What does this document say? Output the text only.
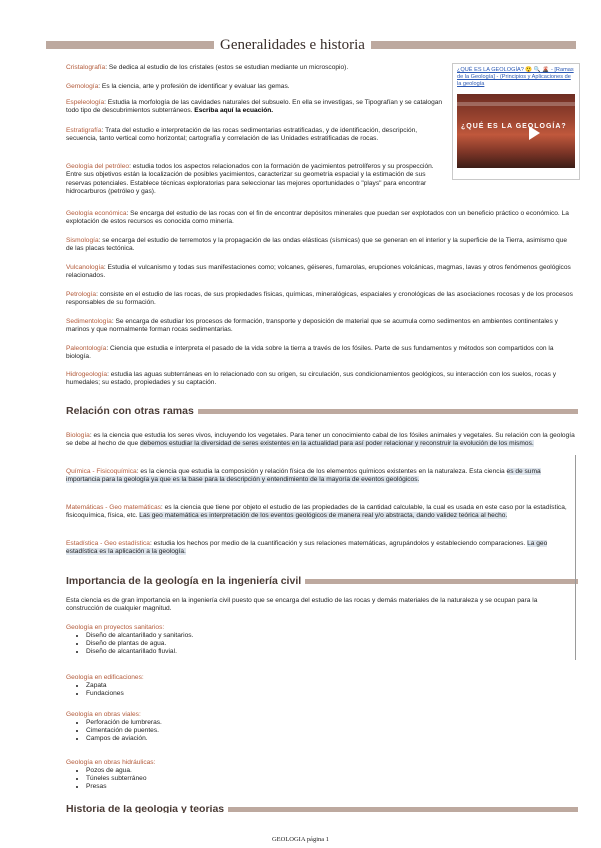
Generalidades e historia
¿QUÉ ES LA GEOLOGÍA? 😲 🔍 🌋 - [Ramas de la Geología] - (Principios y Aplicaciones de la geología
¿QUÉ ES LA GEOLOGÍA?
Cristalografía: Se dedica al estudio de los cristales (estos se estudian mediante un microscopio).
Gemología: Es la ciencia, arte y profesión de identificar y evaluar las gemas.
Espeleología: Estudia la morfología de las cavidades naturales del subsuelo. En ella se investigas, se Tipografían y se catalogan todo tipo de descubrimientos subterráneos. Escriba aquí la ecuación.
Estratigrafía: Trata del estudio e interpretación de las rocas sedimentarias estratificadas, y de identificación, descripción, secuencia, tanto vertical como horizontal; cartografía y correlación de las Unidades estratificadas de rocas.
Geología del petróleo: estudia todos los aspectos relacionados con la formación de yacimientos petrolíferos y su prospección. Entre sus objetivos están la localización de posibles yacimientos, caracterizar su geometría espacial y la estimación de sus reservas potenciales. Establece técnicas exploratorias para seleccionar las mejores oportunidades o "plays" para encontrar hidrocarburos (petróleo y gas).
Geología económica: Se encarga del estudio de las rocas con el fin de encontrar depósitos minerales que puedan ser explotados con un beneficio práctico o económico. La explotación de estos recursos es conocida como minería.
Sismología: se encarga del estudio de terremotos y la propagación de las ondas elásticas (sísmicas) que se generan en el interior y la superficie de la Tierra, asimismo que de las placas tectónica.
Vulcanología: Estudia el vulcanismo y todas sus manifestaciones como; volcanes, géiseres, fumarolas, erupciones volcánicas, magmas, lavas y otros fenómenos geológicos relacionados.
Petrología: consiste en el estudio de las rocas, de sus propiedades físicas, químicas, mineralógicas, espaciales y cronológicas de las asociaciones rocosas y de los procesos responsables de su formación.
Sedimentología: Se encarga de estudiar los procesos de formación, transporte y deposición de material que se acumula como sedimentos en ambientes continentales y marinos y que normalmente forman rocas sedimentarias.
Paleontología: Ciencia que estudia e interpreta el pasado de la vida sobre la tierra a través de los fósiles. Parte de sus fundamentos y métodos son compartidos con la biología.
Hidrogeología: estudia las aguas subterráneas en lo relacionado con su origen, su circulación, sus condicionamientos geológicos, su interacción con los suelos, rocas y humedales; su estado, propiedades y su captación.
Relación con otras ramas
Biología: es la ciencia que estudia los seres vivos, incluyendo los vegetales. Para tener un conocimiento cabal de los fósiles animales y vegetales. Su relación con la geología se debe al hecho de que debemos estudiar la diversidad de seres existentes en la actualidad para así poder relacionar y reconstruir la evolución de los mismos.
Química - Fisicoquímica: es la ciencia que estudia la composición y relación física de los elementos químicos existentes en la naturaleza. Esta ciencia es de suma importancia para la geología ya que es la base para la descripción y entendimiento de la mayoría de eventos geológicos.
Matemáticas - Geo matemáticas: es la ciencia que tiene por objeto el estudio de las propiedades de la cantidad calculable, la cual es usada en este caso por la estadística, fisicoquímica, física, etc. Las geo matemática es interpretación de los eventos geológicos de manera real y/o abstracta, dando validez teórica al hecho.
Estadística - Geo estadística: estudia los hechos por medio de la cuantificación y sus relaciones matemáticas, agrupándolos y estableciendo comparaciones. La geo estadística es la aplicación a la geología.
Importancia de la geología en la ingeniería civil
Esta ciencia es de gran importancia en la ingeniería civil puesto que se encarga del estudio de las rocas y demás materiales de la naturaleza y se ocupan para la construcción de cualquier magnitud.
Geología en proyectos sanitarios:
• Diseño de alcantarillado y sanitarios.
• Diseño de plantas de agua.
• Diseño de alcantarillado fluvial.
Geología en edificaciones:
• Zapata
• Fundaciones
Geología en obras viales:
• Perforación de lumbreras.
• Cimentación de puentes.
• Campos de aviación.
Geología en obras hidráulicas:
• Pozos de agua.
• Túneles subterráneo
• Presas
Historia de la geología y teorías
GEOLOGIA página 1
